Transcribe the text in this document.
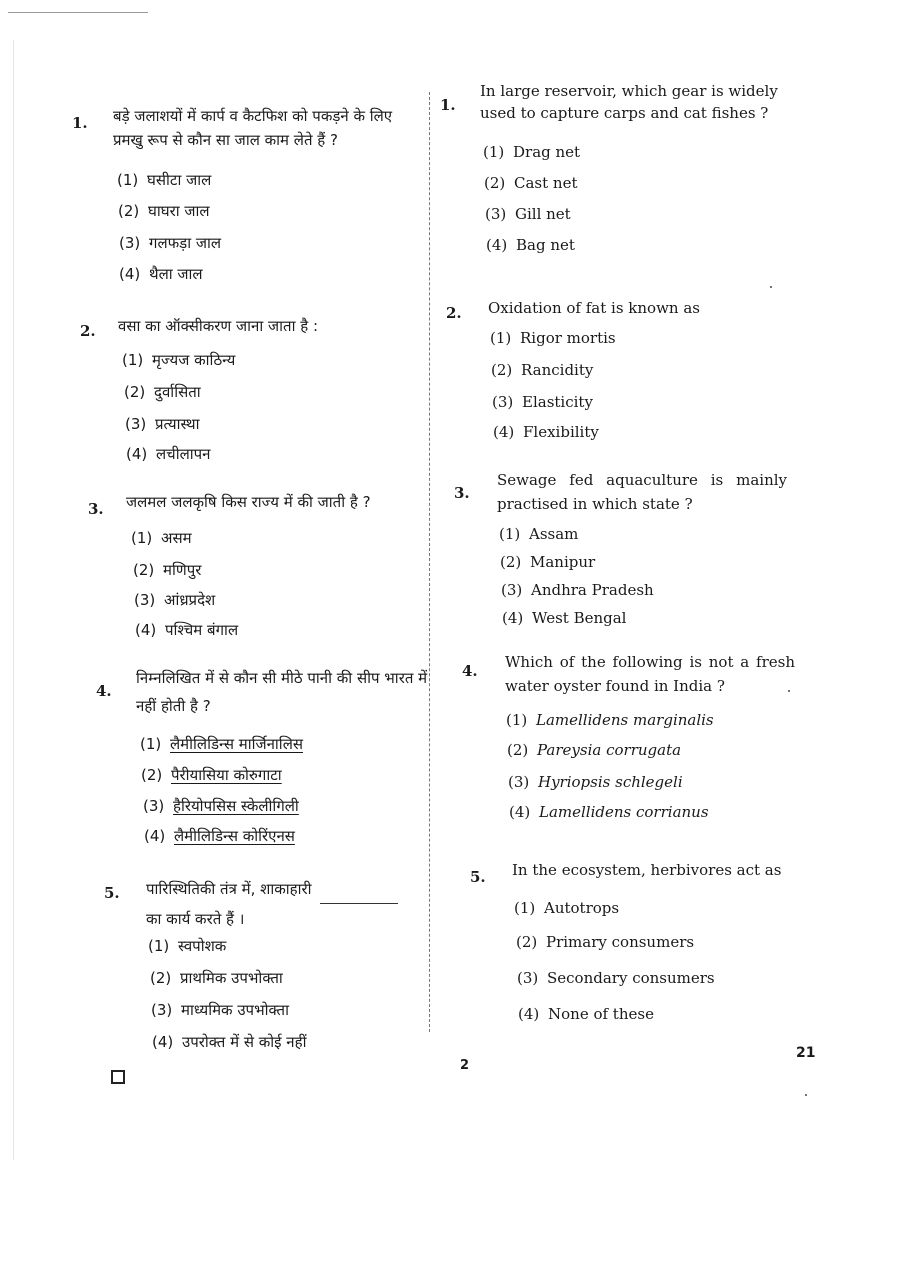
1. बड़े जलाशयों में कार्प व कैटफिश को पकड़ने के लिए प्रमखु रूप से कौन सा जाल काम लेते हैं ?
(1) घसीटा जाल
(2) घाघरा जाल
(3) गलफड़ा जाल
(4) थैला जाल
2. वसा का ऑक्सीकरण जाना जाता है :
(1) मृज्यज काठिन्य
(2) दुर्वासिता
(3) प्रत्यास्था
(4) लचीलापन
3. जलमल जलकृषि किस राज्य में की जाती है ?
(1) असम
(2) मणिपुर
(3) आंध्रप्रदेश
(4) पश्चिम बंगाल
4.
निम्नलिखित में से कौन सी मीठे पानी की सीप भारत में नहीं होती है ?
(1) लैमीलिडिन्स मार्जिनालिस
(2) पैरीयासिया कोरुगाटा
(3) हैरियोपसिस स्केलीगिली
(4) लैमीलिडिन्स कोरिंएनस
5. पारिस्थितिकी तंत्र में, शाकाहारी
का कार्य करते हैं ।
(1) स्वपोशक
(2) प्राथमिक उपभोक्ता
(3) माध्यमिक उपभोक्ता
(4) उपरोक्त में से कोई नहीं
1.
In large reservoir, which gear is widely used to capture carps and cat fishes ?
(1) Drag net
(2) Cast net
(3) Gill net
(4) Bag net
2. Oxidation of fat is known as
(1) Rigor mortis
(2) Rancidity
(3) Elasticity
(4) Flexibility
3.
Sewage fed aquaculture is mainly practised in which state ?
(1) Assam
(2) Manipur
(3) Andhra Pradesh
(4) West Bengal
4. Which of the following is not a fresh water oyster found in India ?
(1) Lamellidens marginalis
(2) Pareysia corrugata
(3) Hyriopsis schlegeli
(4) Lamellidens corrianus
5. In the ecosystem, herbivores act as
(1) Autotrops
(2) Primary consumers
(3) Secondary consumers
(4) None of these
2
21
